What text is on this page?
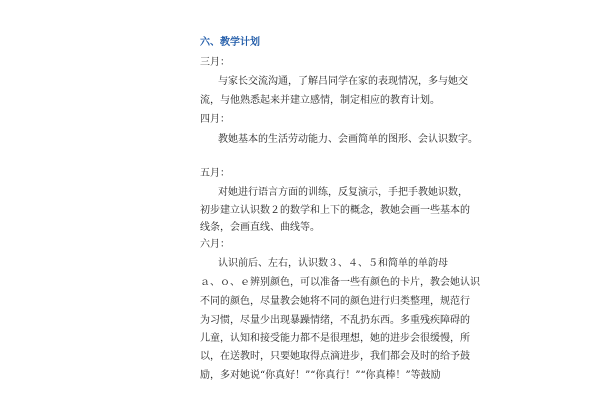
六、教学计划

三月：

与家长交流沟通，了解吕同学在家的表现情况，多与她交

流，与他熟悉起来并建立感情，制定相应的教育计划。

四月：

教她基本的生活劳动能力、会画简单的图形、会认识数字。

五月：

对她进行语言方面的训练，反复演示，手把手教她识数，

初步建立认识数２的数学和上下的概念，教她会画一些基本的

线条，会画直线、曲线等。

六月：

认识前后、左右，认识数３、４、５和简单的单韵母

ａ、ｏ、ｅ辨别颜色，可以准备一些有颜色的卡片，教会她认识

不同的颜色，尽量教会她将不同的颜色进行归类整理，规范行

为习惯，尽量少出现暴躁情绪，不乱扔东西。多重残疾障碍的

儿童，认知和接受能力都不是很理想，她的进步会很缓慢，所

以，在送教时，只要她取得点滴进步，我们都会及时的给予鼓

励，多对她说“你真好！”“你真行！”“你真棒！”等鼓励
